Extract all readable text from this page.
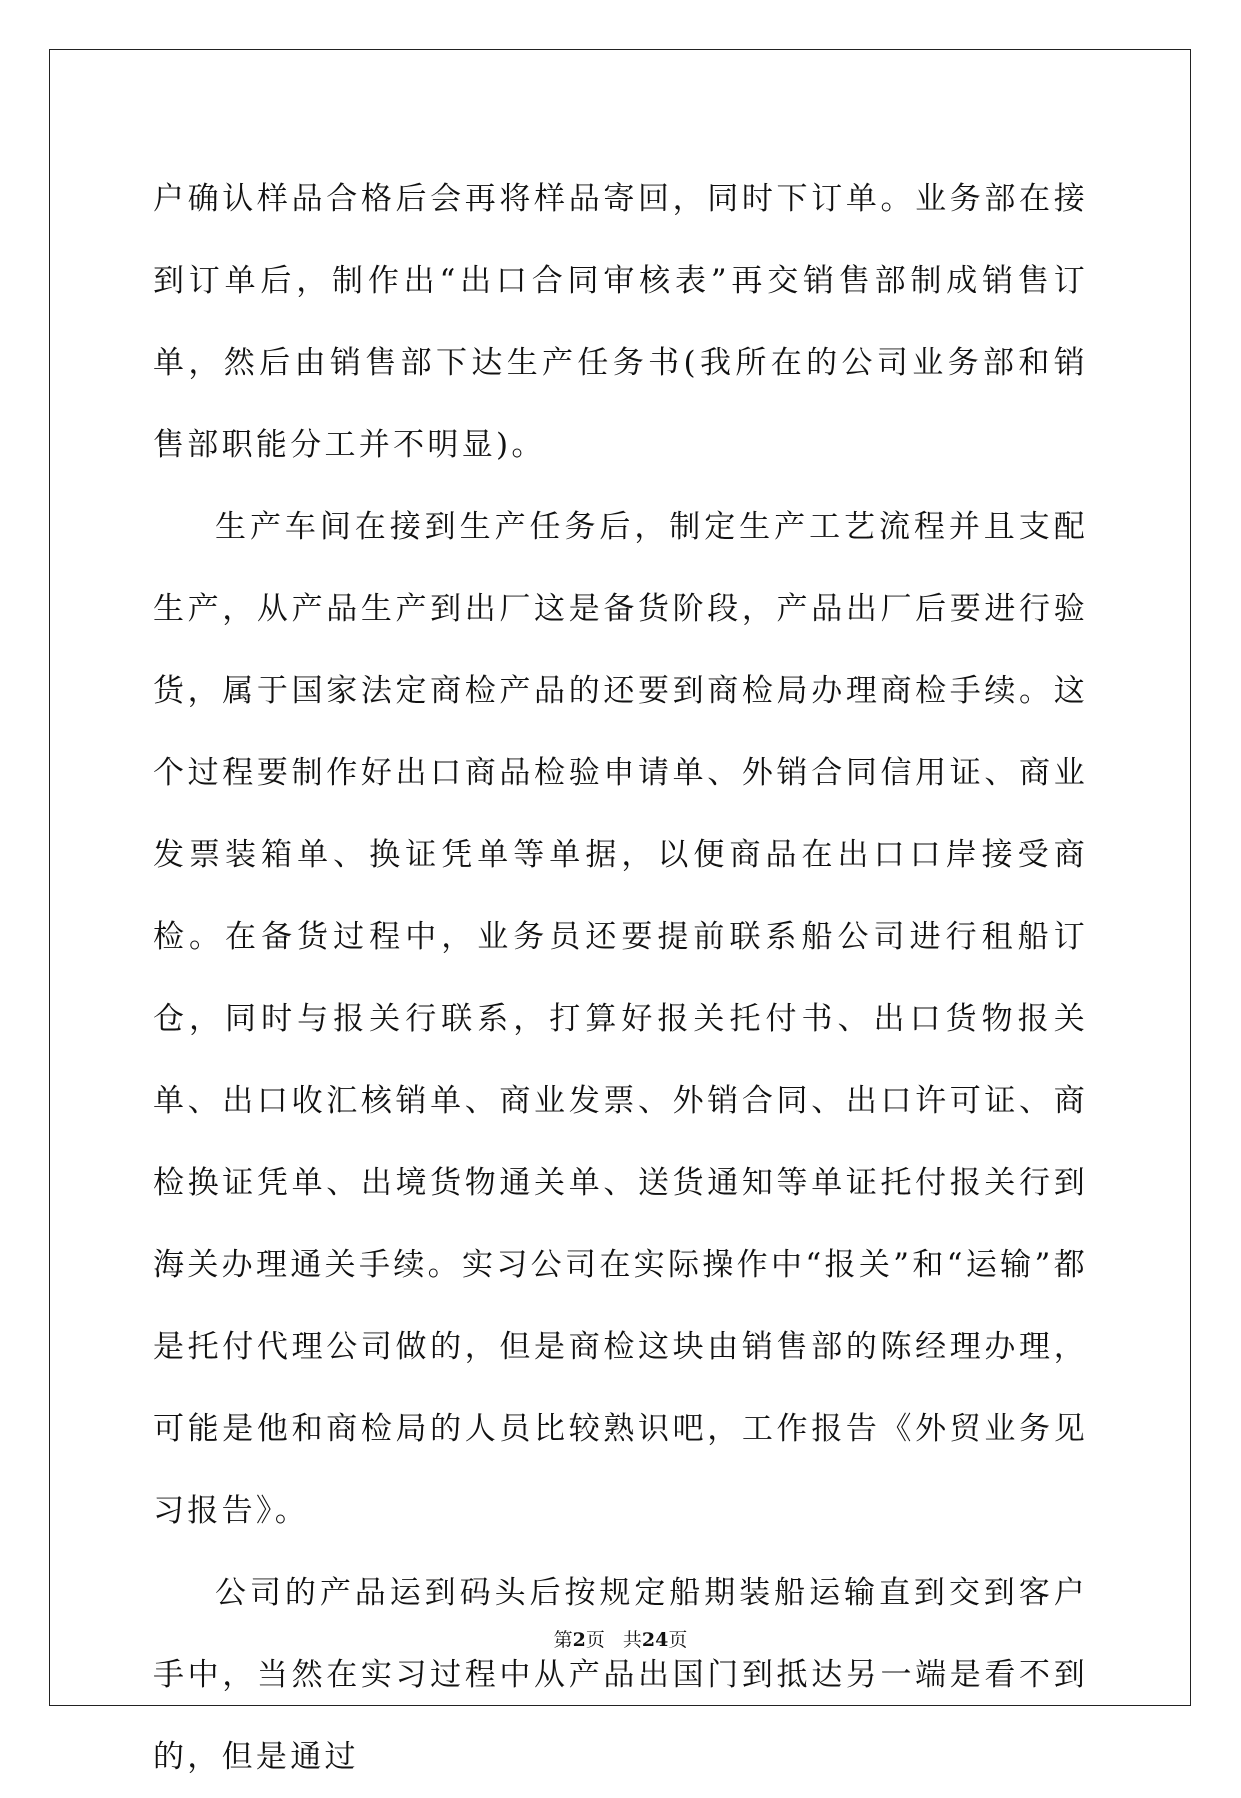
户确认样品合格后会再将样品寄回，同时下订单。业务部在接到订单后，制作出“出口合同审核表”再交销售部制成销售订单，然后由销售部下达生产任务书(我所在的公司业务部和销售部职能分工并不明显)。

生产车间在接到生产任务后，制定生产工艺流程并且支配生产，从产品生产到出厂这是备货阶段，产品出厂后要进行验货，属于国家法定商检产品的还要到商检局办理商检手续。这个过程要制作好出口商品检验申请单、外销合同信用证、商业发票装箱单、换证凭单等单据，以便商品在出口口岸接受商检。在备货过程中，业务员还要提前联系船公司进行租船订仓，同时与报关行联系，打算好报关托付书、出口货物报关单、出口收汇核销单、商业发票、外销合同、出口许可证、商检换证凭单、出境货物通关单、送货通知等单证托付报关行到海关办理通关手续。实习公司在实际操作中“报关”和“运输”都是托付代理公司做的，但是商检这块由销售部的陈经理办理，可能是他和商检局的人员比较熟识吧，工作报告《外贸业务见习报告》。

公司的产品运到码头后按规定船期装船运输直到交到客户手中，当然在实习过程中从产品出国门到抵达另一端是看不到的，但是通过

第2页 共24页
